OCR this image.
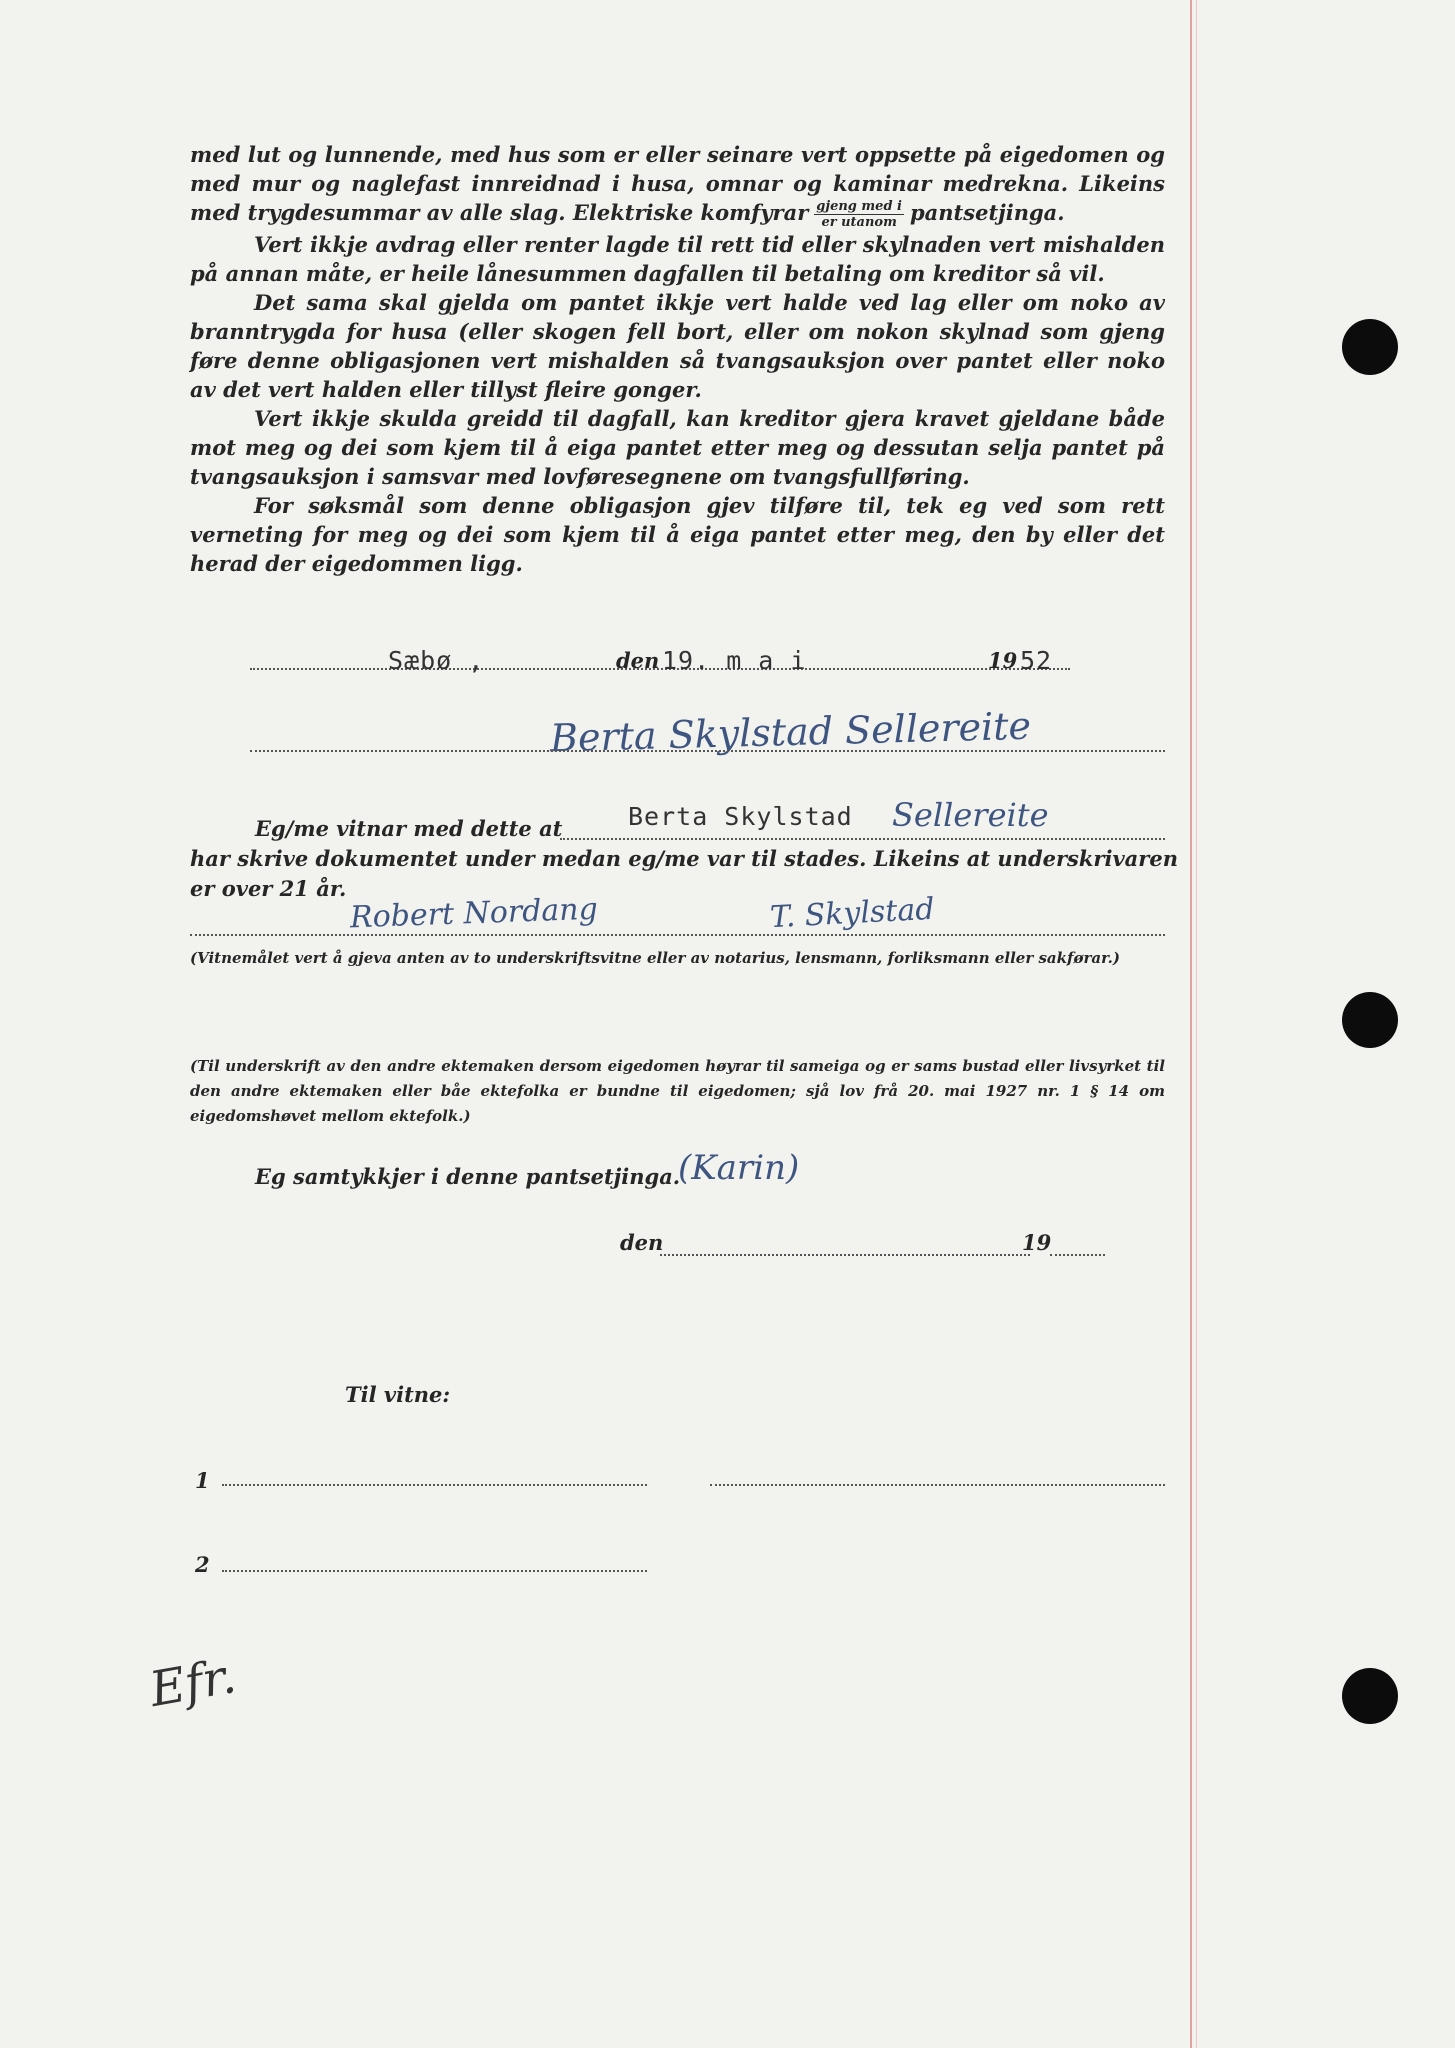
med lut og lunnende, med hus som er eller seinare vert oppsette på eigedomen og med mur og naglefast innreidnad i husa, omnar og kaminar medrekna. Likeins med trygdesummar av alle slag. Elektriske komfyrar $\frac{\text{gjeng med i}}{\text{er utanom}}$ pantsetjinga.

Vert ikkje avdrag eller renter lagde til rett tid eller skylnaden vert mishalden på annan måte, er heile lånesummen dagfallen til betaling om kreditor så vil.

Det sama skal gjelda om pantet ikkje vert halde ved lag eller om noko av branntrygda for husa (eller skogen fell bort, eller om nokon skylnad som gjeng føre denne obligasjonen vert mishalden så tvangsauksjon over pantet eller noko av det vert halden eller tillyst fleire gonger.

Vert ikkje skulda greidd til dagfall, kan kreditor gjera kravet gjeldane både mot meg og dei som kjem til å eiga pantet etter meg og dessutan selja pantet på tvangsauksjon i samsvar med lovføresegnene om tvangsfullføring.

For søksmål som denne obligasjon gjev tilføre til, tek eg ved som rett verneting for meg og dei som kjem til å eiga pantet etter meg, den by eller det herad der eigedommen ligg.

Sæbø ,	den 19. m a i	19 52
Berta Skylstad Sellereite
Eg/me vitnar med dette at	Berta Skylstad Sellereite
har skrive dokumentet under medan eg/me var til stades. Likeins at underskrivaren
er over 21 år.
Robert Nordang	T. Skylstad
(Vitnemålet vert å gjeva anten av to underskriftsvitne eller av notarius, lensmann, forliksmann eller sakførar.)
(Til underskrift av den andre ektemaken dersom eigedomen høyrar til sameiga og er sams bustad eller livsyrket til den andre ektemaken eller båe ektefolka er bundne til eigedomen; sjå lov frå 20. mai 1927 nr. 1 § 14 om eigedomshøvet mellom ektefolk.)
Eg samtykkjer i denne pantsetjinga.
(Karin)
den	19
Til vitne:
1
2
Efr.
